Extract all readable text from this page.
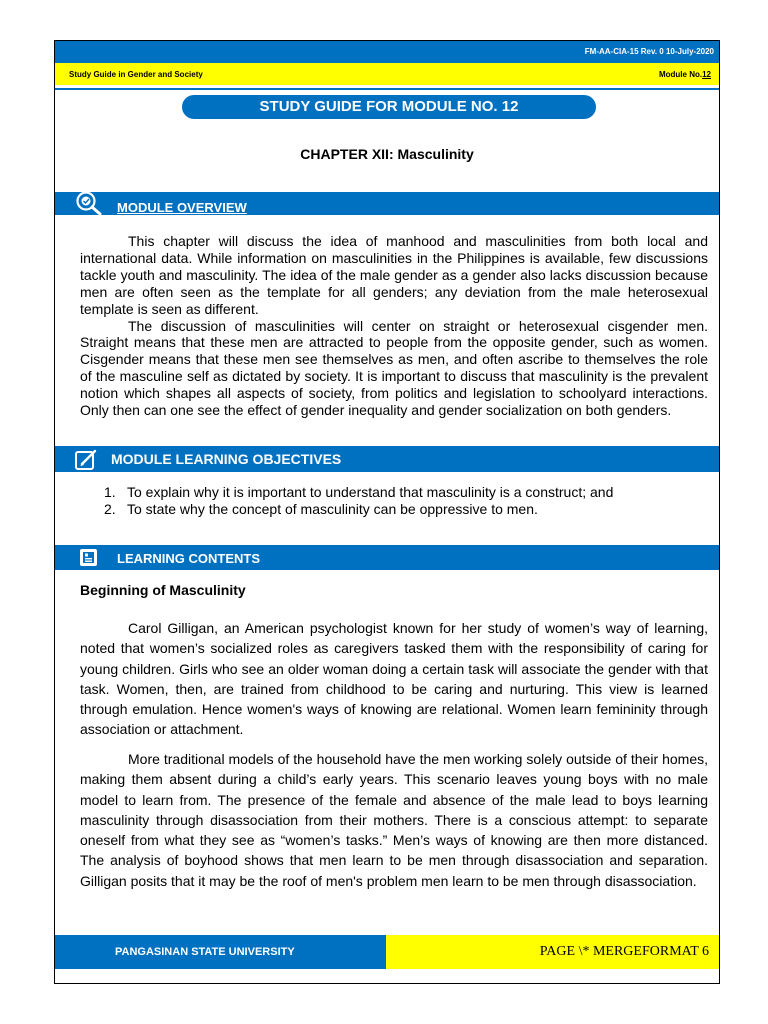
FM-AA-CIA-15 Rev. 0 10-July-2020
Study Guide in Gender and Society	Module No.12
STUDY GUIDE FOR MODULE NO. 12
CHAPTER XII: Masculinity
MODULE OVERVIEW

This chapter will discuss the idea of manhood and masculinities from both local and international data. While information on masculinities in the Philippines is available, few discussions tackle youth and masculinity. The idea of the male gender as a gender also lacks discussion because men are often seen as the template for all genders; any deviation from the male heterosexual template is seen as different.

The discussion of masculinities will center on straight or heterosexual cisgender men. Straight means that these men are attracted to people from the opposite gender, such as women. Cisgender means that these men see themselves as men, and often ascribe to themselves the role of the masculine self as dictated by society. It is important to discuss that masculinity is the prevalent notion which shapes all aspects of society, from politics and legislation to schoolyard interactions. Only then can one see the effect of gender inequality and gender socialization on both genders.

MODULE LEARNING OBJECTIVES
1. To explain why it is important to understand that masculinity is a construct; and
2. To state why the concept of masculinity can be oppressive to men.
LEARNING CONTENTS
Beginning of Masculinity

Carol Gilligan, an American psychologist known for her study of women’s way of learning, noted that women’s socialized roles as caregivers tasked them with the responsibility of caring for young children. Girls who see an older woman doing a certain task will associate the gender with that task. Women, then, are trained from childhood to be caring and nurturing. This view is learned through emulation. Hence women's ways of knowing are relational. Women learn femininity through association or attachment.

More traditional models of the household have the men working solely outside of their homes, making them absent during a child’s early years. This scenario leaves young boys with no male model to learn from. The presence of the female and absence of the male lead to boys learning masculinity through disassociation from their mothers. There is a conscious attempt: to separate oneself from what they see as “women’s tasks.” Men’s ways of knowing are then more distanced. The analysis of boyhood shows that men learn to be men through disassociation and separation. Gilligan posits that it may be the roof of men's problem men learn to be men through disassociation.

PANGASINAN STATE UNIVERSITY	PAGE \* MERGEFORMAT 6
